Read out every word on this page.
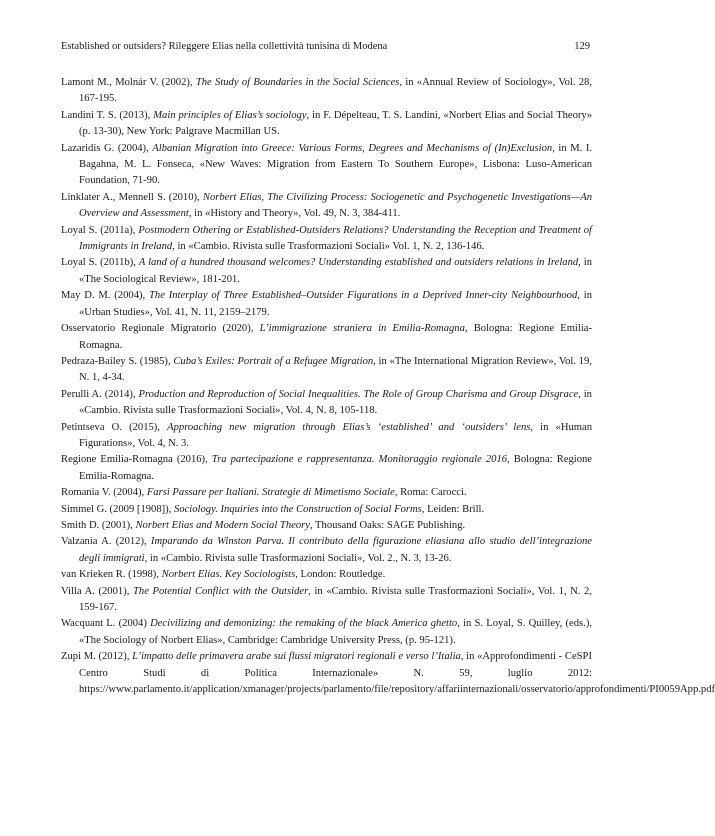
Established or outsiders? Rileggere Elias nella collettività tunisina di Modena	129

Lamont M., Molnár V. (2002), The Study of Boundaries in the Social Sciences, in «Annual Review of Sociology», Vol. 28, 167-195.

Landini T. S. (2013), Main principles of Elias’s sociology, in F. Dépelteau, T. S. Landini, «Norbert Elias and Social Theory» (p. 13-30), New York: Palgrave Macmillan US.

Lazaridis G. (2004), Albanian Migration into Greece: Various Forms, Degrees and Mechanisms of (In)Exclusion, in M. I. Bagahna, M. L. Fonseca, «New Waves: Migration from Eastern To Southern Europe», Lisbona: Luso-American Foundation, 71-90.

Linklater A., Mennell S. (2010), Norbert Elias, The Civilizing Process: Sociogenetic and Psychogenetic Investigations—An Overview and Assessment, in «History and Theory», Vol. 49, N. 3, 384-411.

Loyal S. (2011a), Postmodern Othering or Established-Outsiders Relations? Understanding the Reception and Treatment of Immigrants in Ireland, in «Cambio. Rivista sulle Trasformazioni Sociali» Vol. 1, N. 2, 136-146.

Loyal S. (2011b), A land of a hundred thousand welcomes? Understanding established and outsiders relations in Ireland, in «The Sociological Review», 181-201.

May D. M. (2004), The Interplay of Three Established–Outsider Figurations in a Deprived Inner-city Neighbourhood, in «Urban Studies», Vol. 41, N. 11, 2159–2179.

Osservatorio Regionale Migratorio (2020), L’immigrazione straniera in Emilia-Romagna, Bologna: Regione Emilia-Romagna.

Pedraza-Bailey S. (1985), Cuba’s Exiles: Portrait of a Refugee Migration, in «The International Migration Review», Vol. 19, N. 1, 4-34.

Perulli A. (2014), Production and Reproduction of Social Inequalities. The Role of Group Charisma and Group Disgrace, in «Cambio. Rivista sulle Trasformazioni Sociali», Vol. 4, N. 8, 105-118.

Petintseva O. (2015), Approaching new migration through Elias’s ‘established’ and ‘outsiders’ lens, in «Human Figurations», Vol. 4, N. 3.

Regione Emilia-Romagna (2016), Tra partecipazione e rappresentanza. Monitoraggio regionale 2016, Bologna: Regione Emilia-Romagna.

Romania V. (2004), Farsi Passare per Italiani. Strategie di Mimetismo Sociale, Roma: Carocci.

Simmel G. (2009 [1908]), Sociology. Inquiries into the Construction of Social Forms, Leiden: Brill.

Smith D. (2001), Norbert Elias and Modern Social Theory, Thousand Oaks: SAGE Publishing.

Valzania A. (2012), Imparando da Winston Parva. Il contributo della figurazione eliasiana allo studio dell’integrazione degli immigrati, in «Cambio. Rivista sulle Trasformazioni Sociali», Vol. 2., N. 3, 13-26.

van Krieken R. (1998), Norbert Elias. Key Sociologists, London: Routledge.

Villa A. (2001), The Potential Conflict with the Outsider, in «Cambio. Rivista sulle Trasformazioni Sociali», Vol. 1, N. 2, 159-167.

Wacquant L. (2004) Decivilizing and demonizing: the remaking of the black America ghetto, in S. Loyal, S. Quilley, (eds.), «The Sociology of Norbert Elias», Cambridge: Cambridge University Press, (p. 95-121).

Zupi M. (2012), L’impatto delle primavera arabe sui flussi migratori regionali e verso l’Italia, in «Approfondimenti - CeSPI Centro Studi di Politica Internazionale» N. 59, luglio 2012: https://www.parlamento.it/application/xmanager/projects/parlamento/file/repository/affariinternazionali/osservatorio/approfondimenti/PI0059App.pdf
